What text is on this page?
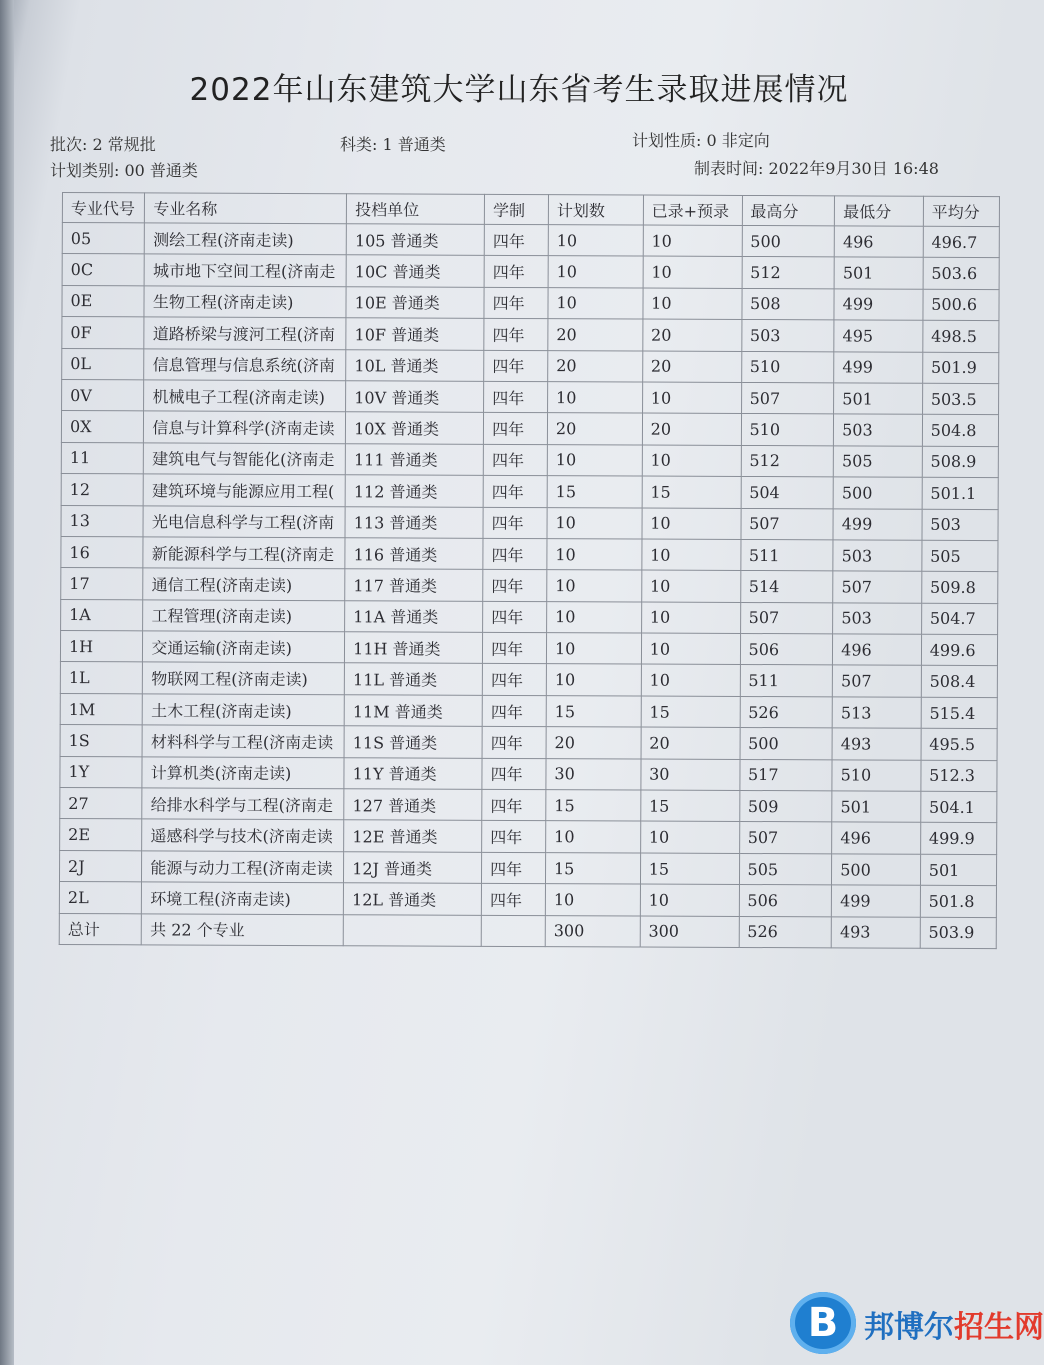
2022年山东建筑大学山东省考生录取进展情况
批次: 2 常规批	科类: 1 普通类	计划性质: 0 非定向
计划类别: 00 普通类	制表时间: 2022年9月30日 16:48
专业代号	专业名称	投档单位	学制	计划数	已录+预录	最高分	最低分	平均分
05	测绘工程(济南走读)	105 普通类	四年	10	10	500	496	496.7
0C	城市地下空间工程(济南走	10C 普通类	四年	10	10	512	501	503.6
0E	生物工程(济南走读)	10E 普通类	四年	10	10	508	499	500.6
0F	道路桥梁与渡河工程(济南	10F 普通类	四年	20	20	503	495	498.5
0L	信息管理与信息系统(济南	10L 普通类	四年	20	20	510	499	501.9
0V	机械电子工程(济南走读)	10V 普通类	四年	10	10	507	501	503.5
0X	信息与计算科学(济南走读	10X 普通类	四年	20	20	510	503	504.8
11	建筑电气与智能化(济南走	111 普通类	四年	10	10	512	505	508.9
12	建筑环境与能源应用工程(	112 普通类	四年	15	15	504	500	501.1
13	光电信息科学与工程(济南	113 普通类	四年	10	10	507	499	503
16	新能源科学与工程(济南走	116 普通类	四年	10	10	511	503	505
17	通信工程(济南走读)	117 普通类	四年	10	10	514	507	509.8
1A	工程管理(济南走读)	11A 普通类	四年	10	10	507	503	504.7
1H	交通运输(济南走读)	11H 普通类	四年	10	10	506	496	499.6
1L	物联网工程(济南走读)	11L 普通类	四年	10	10	511	507	508.4
1M	土木工程(济南走读)	11M 普通类	四年	15	15	526	513	515.4
1S	材料科学与工程(济南走读	11S 普通类	四年	20	20	500	493	495.5
1Y	计算机类(济南走读)	11Y 普通类	四年	30	30	517	510	512.3
27	给排水科学与工程(济南走	127 普通类	四年	15	15	509	501	504.1
2E	遥感科学与技术(济南走读	12E 普通类	四年	10	10	507	496	499.9
2J	能源与动力工程(济南走读	12J 普通类	四年	15	15	505	500	501
2L	环境工程(济南走读)	12L 普通类	四年	10	10	506	499	501.8
总计	共 22 个专业			300	300	526	493	503.9
B 邦博尔招生网
